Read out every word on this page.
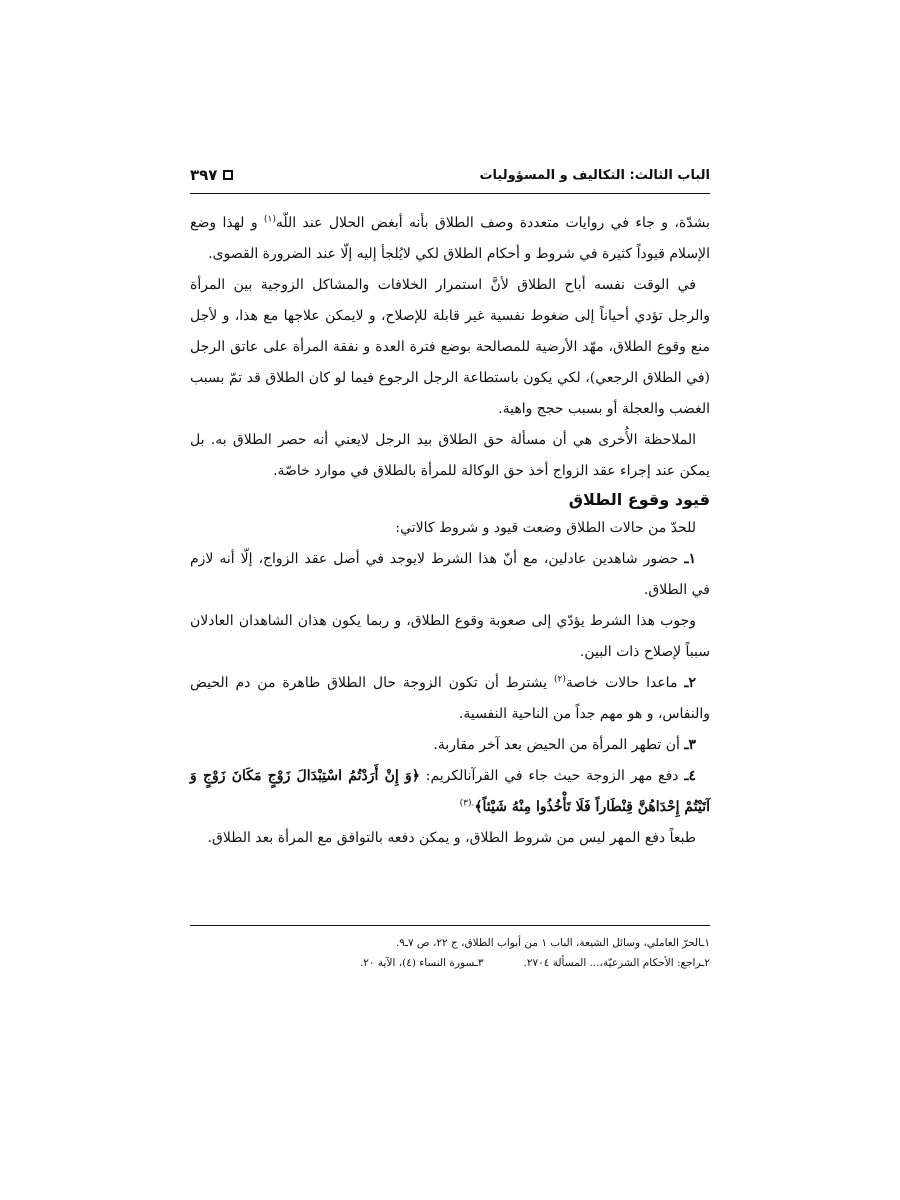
الباب الثالث: التكاليف و المسؤوليات
٣٩٧

بشدّة، و جاء في روايات متعددة وصف الطلاق بأنه أبغض الحلال عند اللّه$^{(١)}$ و لهذا وضع الإسلام قيوداً كثيرة في شروط و أحكام الطلاق لكي لايُلجأ إليه إلّا عند الضرورة القصوى.

في الوقت نفسه أباح الطلاق لأنَّ استمرار الخلافات والمشاكل الزوجية بين المرأة والرجل تؤدي أحياناً إلى ضغوط نفسية غير قابلة للإصلاح، و لايمكن علاجها مع هذا، و لأجل منع وقوع الطلاق، مهّد الأرضية للمصالحة بوضع فترة العدة و نفقة المرأة على عاتق الرجل (في الطلاق الرجعي)، لكي يكون باستطاعة الرجل الرجوع فيما لو كان الطلاق قد تمّ بسبب الغضب والعجلة أو بسبب حجج واهية.

الملاحظة الأُخرى هي أن مسألة حق الطلاق بيد الرجل لايعني أنه حصر الطلاق به. بل يمكن عند إجراء عقد الزواج أخذ حق الوكالة للمرأة بالطلاق في موارد خاصّة.

قيود وقوع الطلاق

للحدّ من حالات الطلاق وضعت قيود و شروط كالاتي:

١ـ حضور شاهدين عادلين، مع أنّ هذا الشرط لايوجد في أصل عقد الزواج، إلّا أنه لازم في الطلاق.

وجوب هذا الشرط يؤدّي إلى صعوبة وقوع الطلاق، و ربما يكون هذان الشاهدان العادلان سبباً لإصلاح ذات البين.

٢ـ ماعدا حالات خاصة$^{(٢)}$ يشترط أن تكون الزوجة حال الطلاق طاهرة من دم الحيض والنفاس، و هو مهم جداً من الناحية النفسية.

٣ـ أن تطهر المرأة من الحيض بعد آخر مقاربة.

٤ـ دفع مهر الزوجة حيث جاء في القرآنالكريم: ﴿وَ إِنْ أَرَدْتُمُ اسْتِبْدَالَ زَوْجٍ مَكَانَ زَوْجٍ وَ آتَيْتُمْ إِحْدَاهُنَّ قِنْطَاراً فَلَا تَأْخُذُوا مِنْهُ شَيْئاً﴾$^{.(٣)}$

طبعاً دفع المهر ليس من شروط الطلاق، و يمكن دفعه بالتوافق مع المرأة بعد الطلاق.

١ـالحرّ العاملي، وسائل الشيعة، الباب ١ من أبواب الطلاق، ج ٢٢، ص ٧ـ٩.
٢ـراجع: الأحكام الشرعيّة،... المسألة ٢٧٠٤.٣ـسورة النساء (٤)، الآية ٢٠.
